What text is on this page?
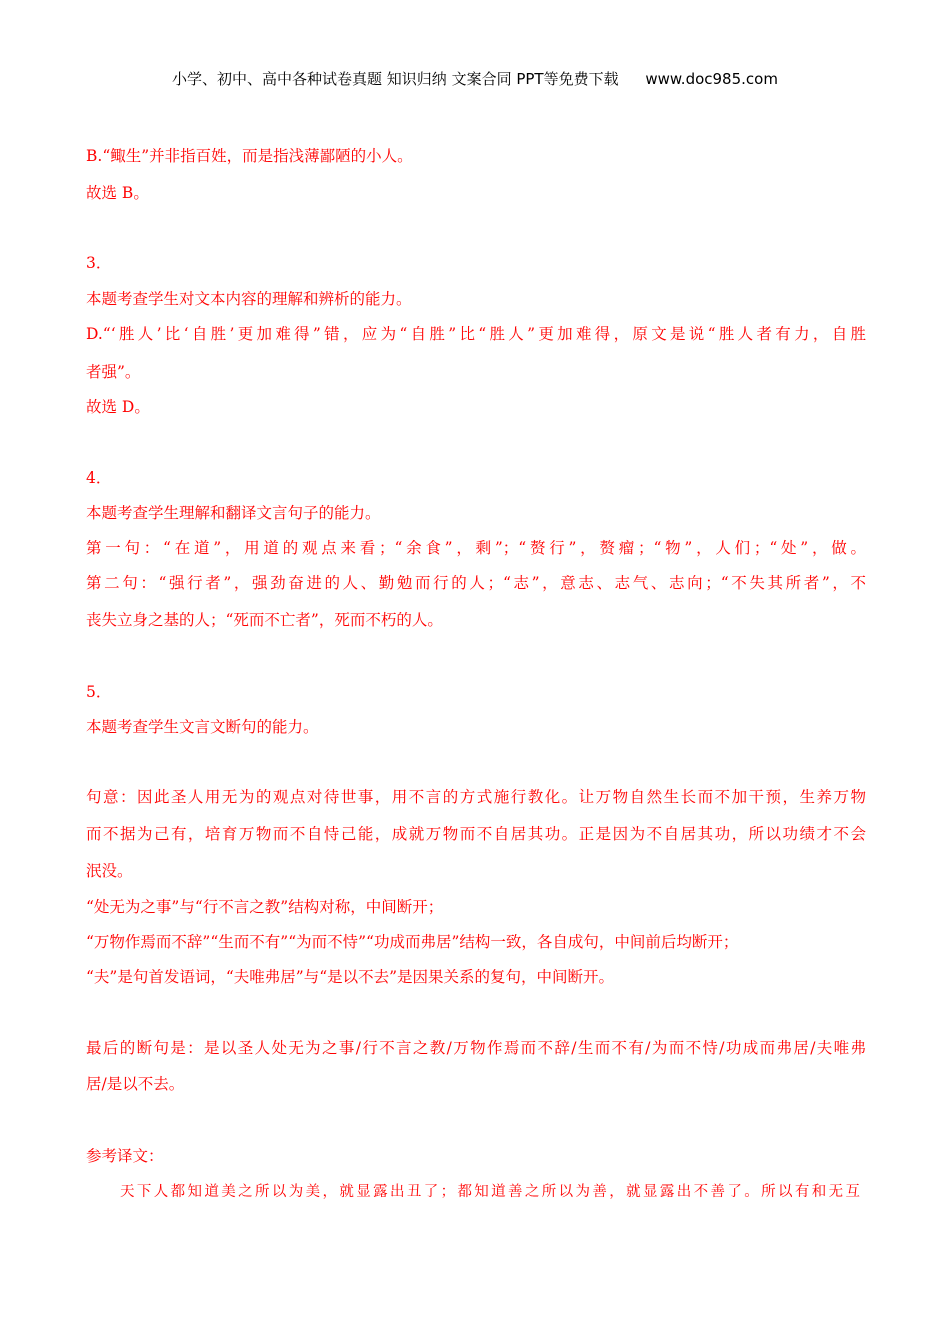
小学、初中、高中各种试卷真题 知识归纳 文案合同 PPT等免费下载 www.doc985.com
B.“鲰生”并非指百姓，而是指浅薄鄙陋的小人。
故选 B。
3．
本题考查学生对文本内容的理解和辨析的能力。
D.“‘胜人’比‘自胜’更加难得”错，应为“自胜”比“胜人”更加难得，原文是说“胜人者有力，自胜
者强”。
故选 D。
4．
本题考查学生理解和翻译文言句子的能力。
第一句：“在道”，用道的观点来看；“余食”，剩”；“赘行”，赘瘤；“物”，人们；“处”，做。
第二句：“强行者”，强劲奋进的人、勤勉而行的人；“志”，意志、志气、志向；“不失其所者”，不
丧失立身之基的人；“死而不亡者”，死而不朽的人。
5．
本题考查学生文言文断句的能力。
句意：因此圣人用无为的观点对待世事，用不言的方式施行教化。让万物自然生长而不加干预，生养万物
而不据为己有，培育万物而不自恃己能，成就万物而不自居其功。正是因为不自居其功，所以功绩才不会
泯没。
“处无为之事”与“行不言之教”结构对称，中间断开；
“万物作焉而不辞”“生而不有”“为而不恃”“功成而弗居”结构一致，各自成句，中间前后均断开；
“夫”是句首发语词，“夫唯弗居”与“是以不去”是因果关系的复句，中间断开。
最后的断句是：是以圣人处无为之事/行不言之教/万物作焉而不辞/生而不有/为而不恃/功成而弗居/夫唯弗
居/是以不去。
参考译文：
天下人都知道美之所以为美，就显露出丑了；都知道善之所以为善，就显露出不善了。所以有和无互
